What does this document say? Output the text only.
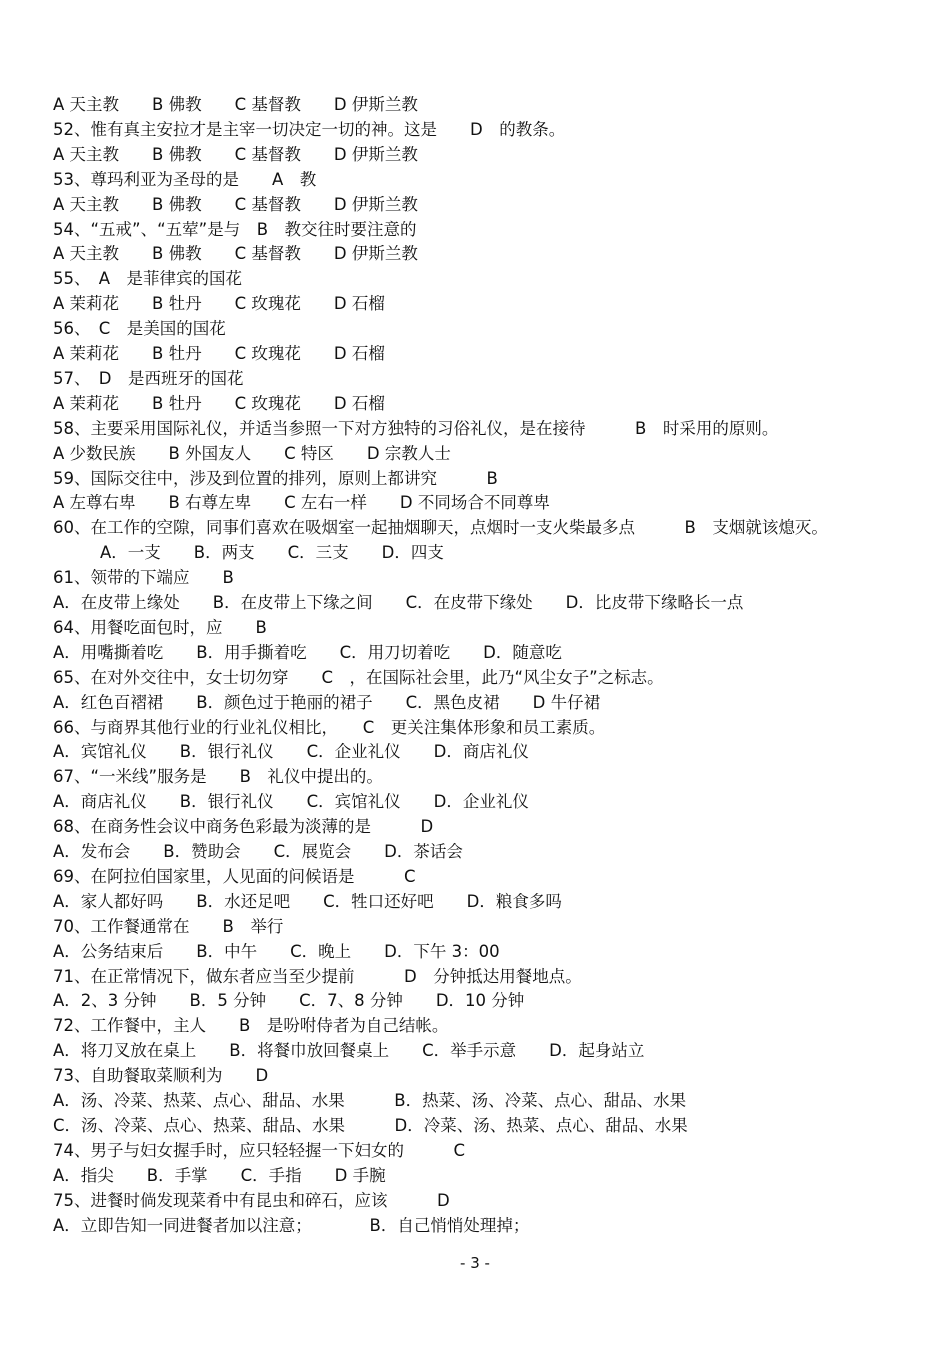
A 天主教　　B 佛教　　C 基督教　　D 伊斯兰教
52、惟有真主安拉才是主宰一切决定一切的神。这是　　D　的教条。
A 天主教　　B 佛教　　C 基督教　　D 伊斯兰教
53、尊玛利亚为圣母的是　　A　教
A 天主教　　B 佛教　　C 基督教　　D 伊斯兰教
54、“五戒”、“五荤”是与　B　教交往时要注意的
A 天主教　　B 佛教　　C 基督教　　D 伊斯兰教
55、　A　是菲律宾的国花
A 茉莉花　　B 牡丹　　C 玫瑰花　　D 石榴
56、　C　是美国的国花
A 茉莉花　　B 牡丹　　C 玫瑰花　　D 石榴
57、　D　是西班牙的国花
A 茉莉花　　B 牡丹　　C 玫瑰花　　D 石榴
58、主要采用国际礼仪，并适当参照一下对方独特的习俗礼仪，是在接待　　　B　时采用的原则。
A 少数民族　　B 外国友人　　C 特区　　D 宗教人士
59、国际交往中，涉及到位置的排列，原则上都讲究　　　B
A 左尊右卑　　B 右尊左卑　　C 左右一样　　D 不同场合不同尊卑
60、在工作的空隙，同事们喜欢在吸烟室一起抽烟聊天，点烟时一支火柴最多点　　　B　支烟就该熄灭。
A．一支　　B．两支　　C．三支　　D．四支
61、领带的下端应　　B
A．在皮带上缘处　　B．在皮带上下缘之间　　C．在皮带下缘处　　D．比皮带下缘略长一点
64、用餐吃面包时，应　　B
A．用嘴撕着吃　　B．用手撕着吃　　C．用刀切着吃　　D．随意吃
65、在对外交往中，女士切勿穿　　C　，在国际社会里，此乃“风尘女子”之标志。
A．红色百褶裙　　B．颜色过于艳丽的裙子　　C．黑色皮裙　　D 牛仔裙
66、与商界其他行业的行业礼仪相比，　　C　更关注集体形象和员工素质。
A．宾馆礼仪　　B．银行礼仪　　C．企业礼仪　　D．商店礼仪
67、“一米线”服务是　　B　礼仪中提出的。
A．商店礼仪　　B．银行礼仪　　C．宾馆礼仪　　D．企业礼仪
68、在商务性会议中商务色彩最为淡薄的是　　　D
A．发布会　　B．赞助会　　C．展览会　　D．茶话会
69、在阿拉伯国家里，人见面的问候语是　　　C
A．家人都好吗　　B．水还足吧　　C．牲口还好吧　　D．粮食多吗
70、工作餐通常在　　B　举行
A．公务结束后　　B．中午　　C．晚上　　D．下午 3：00
71、在正常情况下，做东者应当至少提前　　　D　分钟抵达用餐地点。
A．2、3 分钟　　B．5 分钟　　C．7、8 分钟　　D．10 分钟
72、工作餐中，主人　　B　是吩咐侍者为自己结帐。
A．将刀叉放在桌上　　B．将餐巾放回餐桌上　　C．举手示意　　D．起身站立
73、自助餐取菜顺利为　　D
A．汤、冷菜、热菜、点心、甜品、水果　　　B．热菜、汤、冷菜、点心、甜品、水果
C．汤、冷菜、点心、热菜、甜品、水果　　　D．冷菜、汤、热菜、点心、甜品、水果
74、男子与妇女握手时，应只轻轻握一下妇女的　　　C
A．指尖　　B．手掌　　C．手指　　D 手腕
75、进餐时倘发现菜肴中有昆虫和碎石，应该　　　D
A．立即告知一同进餐者加以注意；　　　　B．自己悄悄处理掉；
- 3 -
